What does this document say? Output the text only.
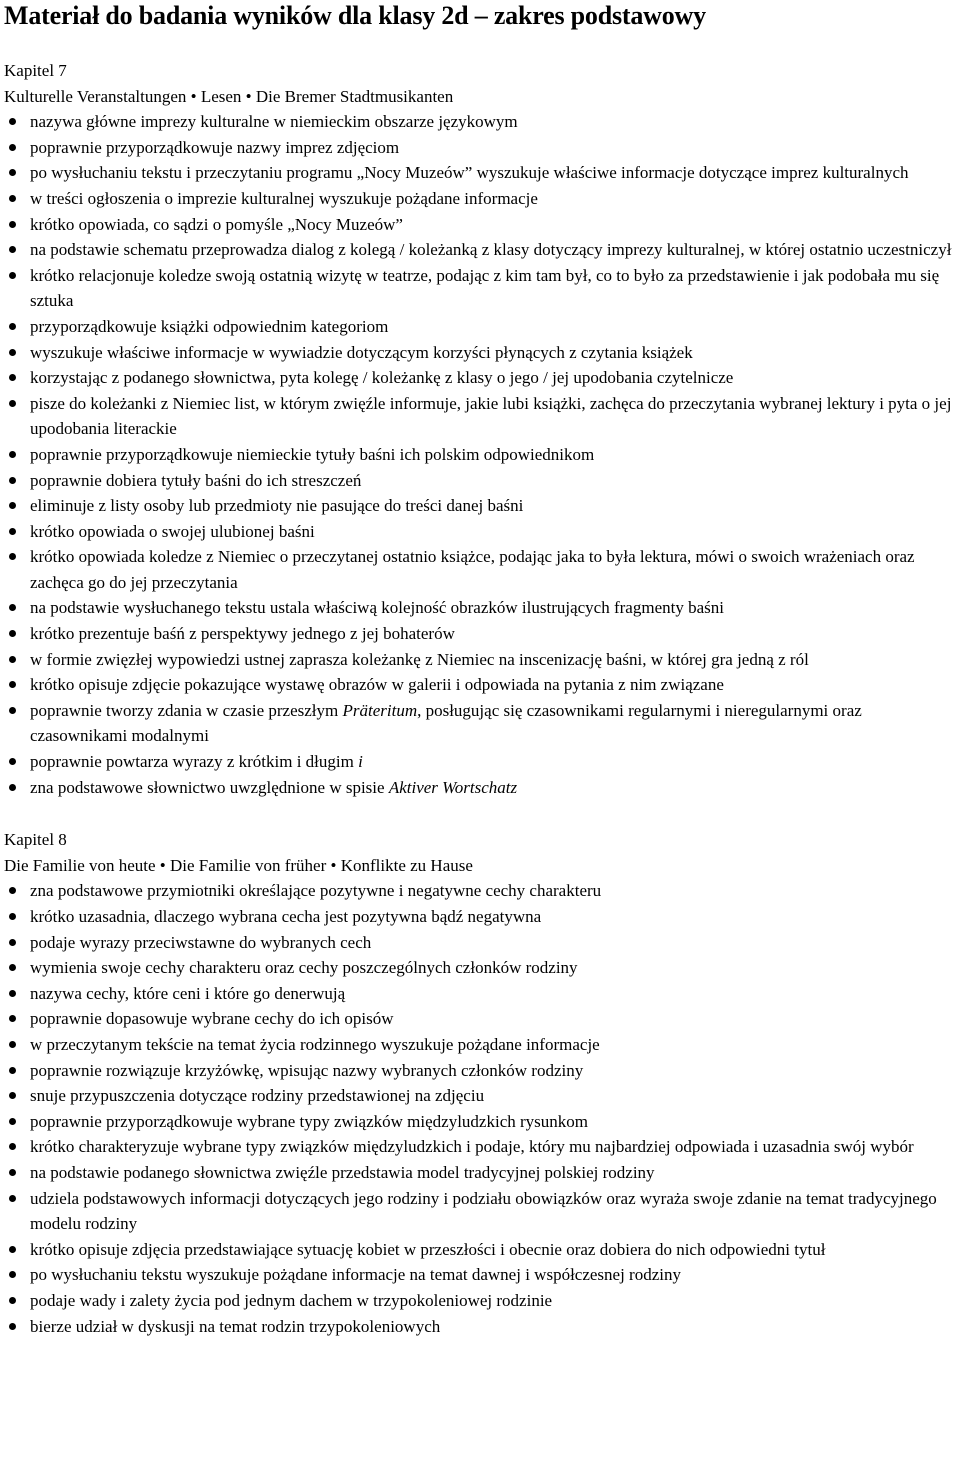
Materiał do badania wyników dla klasy 2d – zakres podstawowy
Kapitel 7
Kulturelle Veranstaltungen • Lesen • Die Bremer Stadtmusikanten
nazywa główne imprezy kulturalne w niemieckim obszarze językowym
poprawnie przyporządkowuje nazwy imprez zdjęciom
po wysłuchaniu tekstu i przeczytaniu programu „Nocy Muzeów” wyszukuje właściwe informacje dotyczące imprez kulturalnych
w treści ogłoszenia o imprezie kulturalnej wyszukuje pożądane informacje
krótko opowiada, co sądzi o pomyśle „Nocy Muzeów”
na podstawie schematu przeprowadza dialog z kolegą / koleżanką z klasy dotyczący imprezy kulturalnej, w której ostatnio uczestniczył
krótko relacjonuje koledze swoją ostatnią wizytę w teatrze, podając z kim tam był, co to było za przedstawienie i jak podobała mu się sztuka
przyporządkowuje książki odpowiednim kategoriom
wyszukuje właściwe informacje w wywiadzie dotyczącym korzyści płynących z czytania książek
korzystając z podanego słownictwa, pyta kolegę / koleżankę z klasy o jego / jej upodobania czytelnicze
pisze do koleżanki z Niemiec list, w którym zwięźle informuje, jakie lubi książki, zachęca do przeczytania wybranej lektury i pyta o jej upodobania literackie
poprawnie przyporządkowuje niemieckie tytuły baśni ich polskim odpowiednikom
poprawnie dobiera tytuły baśni do ich streszczeń
eliminuje z listy osoby lub przedmioty nie pasujące do treści danej baśni
krótko opowiada o swojej ulubionej baśni
krótko opowiada koledze z Niemiec o przeczytanej ostatnio książce, podając jaka to była lektura, mówi o swoich wrażeniach oraz zachęca go do jej przeczytania
na podstawie wysłuchanego tekstu ustala właściwą kolejność obrazków ilustrujących fragmenty baśni
krótko prezentuje baśń z perspektywy jednego z jej bohaterów
w formie zwięzłej wypowiedzi ustnej zaprasza koleżankę z Niemiec na inscenizację baśni, w której gra jedną z ról
krótko opisuje zdjęcie pokazujące wystawę obrazów w galerii i odpowiada na pytania z nim związane
poprawnie tworzy zdania w czasie przeszłym Präteritum, posługując się czasownikami regularnymi i nieregularnymi oraz czasownikami modalnymi
poprawnie powtarza wyrazy z krótkim i długim i
zna podstawowe słownictwo uwzględnione w spisie Aktiver Wortschatz
Kapitel 8
Die Familie von heute • Die Familie von früher • Konflikte zu Hause
zna podstawowe przymiotniki określające pozytywne i negatywne cechy charakteru
krótko uzasadnia, dlaczego wybrana cecha jest pozytywna bądź negatywna
podaje wyrazy przeciwstawne do wybranych cech
wymienia swoje cechy charakteru oraz cechy poszczególnych członków rodziny
nazywa cechy, które ceni i które go denerwują
poprawnie dopasowuje wybrane cechy do ich opisów
w przeczytanym tekście na temat życia rodzinnego wyszukuje pożądane informacje
poprawnie rozwiązuje krzyżówkę, wpisując nazwy wybranych członków rodziny
snuje przypuszczenia dotyczące rodziny przedstawionej na zdjęciu
poprawnie przyporządkowuje wybrane typy związków międzyludzkich rysunkom
krótko charakteryzuje wybrane typy związków międzyludzkich i podaje, który mu najbardziej odpowiada i uzasadnia swój wybór
na podstawie podanego słownictwa zwięźle przedstawia model tradycyjnej polskiej rodziny
udziela podstawowych informacji dotyczących jego rodziny i podziału obowiązków oraz wyraża swoje zdanie na temat tradycyjnego modelu rodziny
krótko opisuje zdjęcia przedstawiające sytuację kobiet w przeszłości i obecnie oraz dobiera do nich odpowiedni tytuł
po wysłuchaniu tekstu wyszukuje pożądane informacje na temat dawnej i współczesnej rodziny
podaje wady i zalety życia pod jednym dachem w trzypokoleniowej rodzinie
bierze udział w dyskusji na temat rodzin trzypokoleniowych
